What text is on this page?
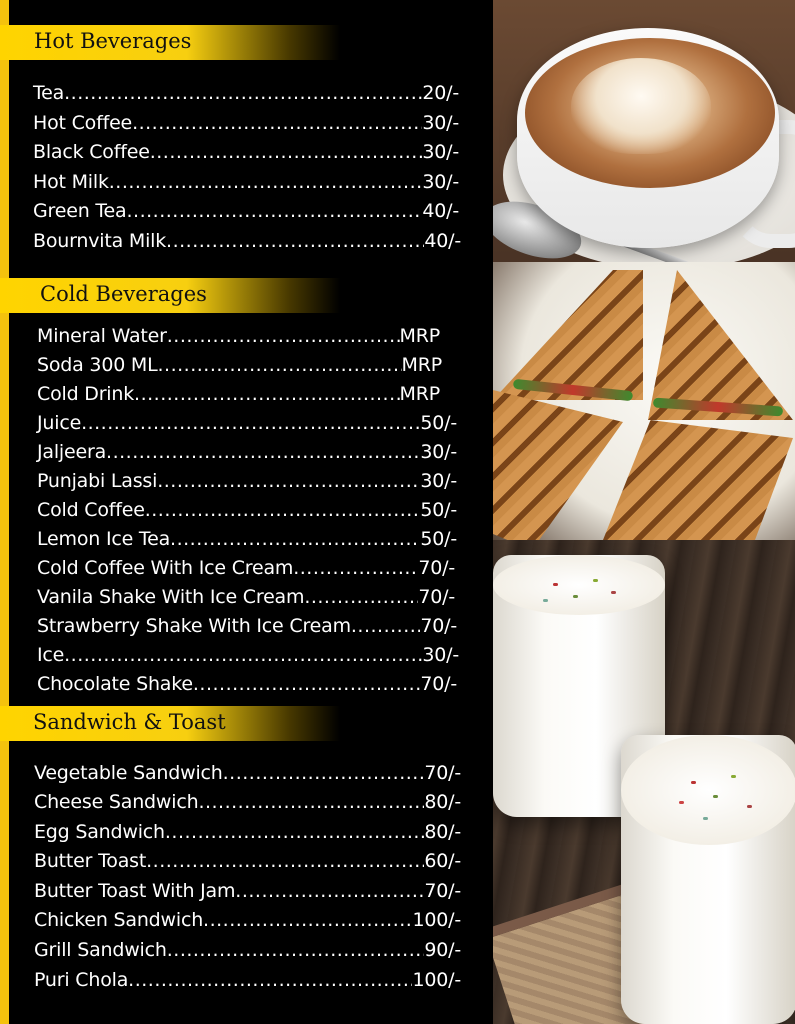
Hot Beverages
Tea .....	20/-
Hot Coffee .....	30/-
Black Coffee .....	30/-
Hot Milk .....	30/-
Green Tea .....	40/-
Bournvita Milk .....	40/-
Cold Beverages
Mineral Water .....	MRP
Soda 300 ML .....	MRP
Cold Drink .....	MRP
Juice .....	50/-
Jaljeera .....	30/-
Punjabi Lassi .....	30/-
Cold Coffee .....	50/-
Lemon Ice Tea .....	50/-
Cold Coffee With Ice Cream .....	70/-
Vanila Shake With Ice Cream .....	70/-
Strawberry Shake With Ice Cream .....	70/-
Ice .....	30/-
Chocolate Shake .....	70/-
Sandwich & Toast
Vegetable Sandwich .....	70/-
Cheese Sandwich .....	80/-
Egg Sandwich .....	80/-
Butter Toast .....	60/-
Butter Toast With Jam .....	70/-
Chicken Sandwich .....	100/-
Grill Sandwich .....	90/-
Puri Chola .....	100/-
